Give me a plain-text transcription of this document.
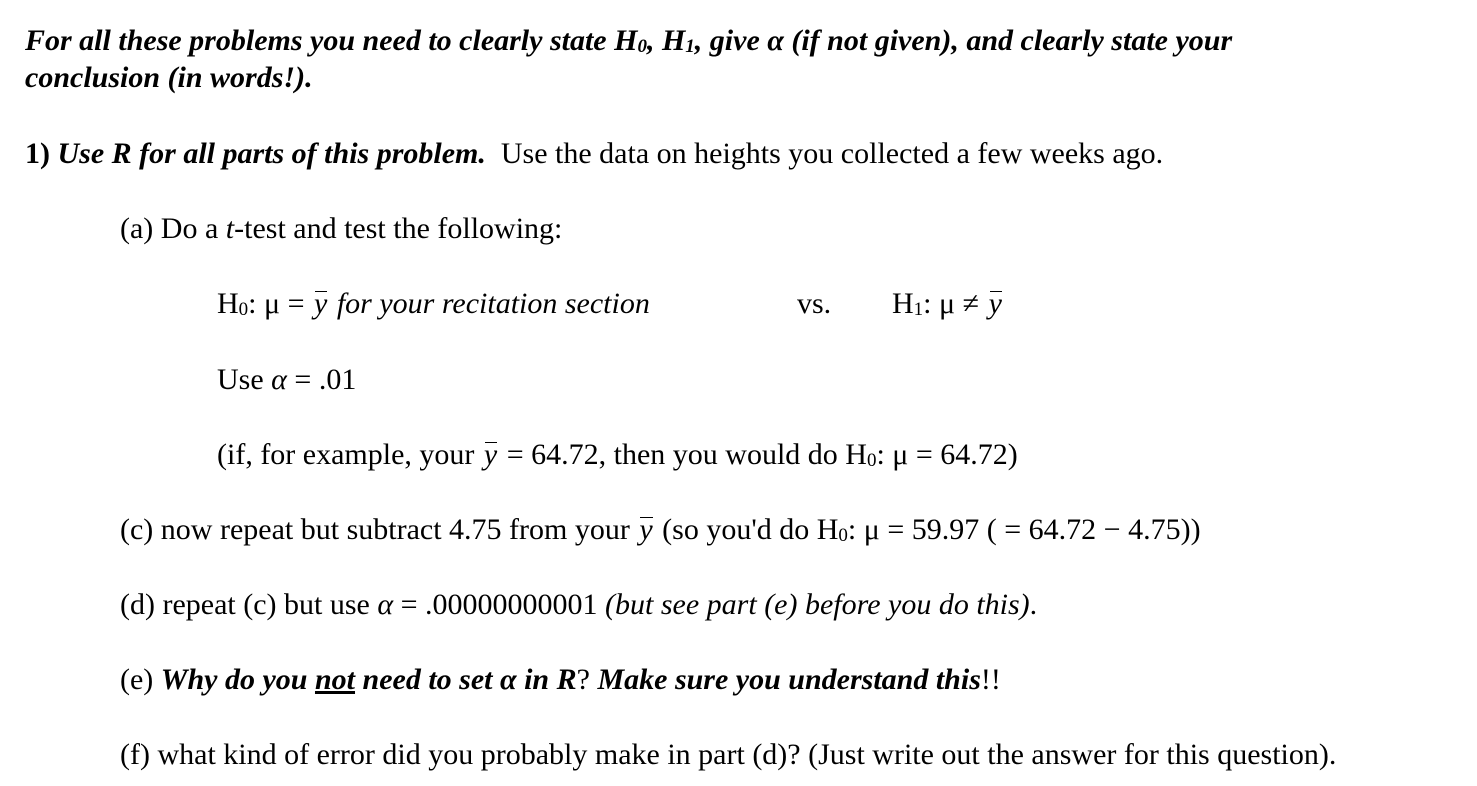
For all these problems you need to clearly state H0, H1, give α (if not given), and clearly state your
conclusion (in words!).
1) Use R for all parts of this problem. Use the data on heights you collected a few weeks ago.
(a) Do a t-test and test the following:
H0: μ = y for your recitation section	vs. H1: μ ≠ y
Use α = .01
(if, for example, your y = 64.72, then you would do H0: μ = 64.72)
(c) now repeat but subtract 4.75 from your y (so you'd do H0: μ = 59.97 ( = 64.72 − 4.75))
(d) repeat (c) but use α = .00000000001 (but see part (e) before you do this).
(e) Why do you not need to set α in R? Make sure you understand this!!
(f) what kind of error did you probably make in part (d)? (Just write out the answer for this question).
